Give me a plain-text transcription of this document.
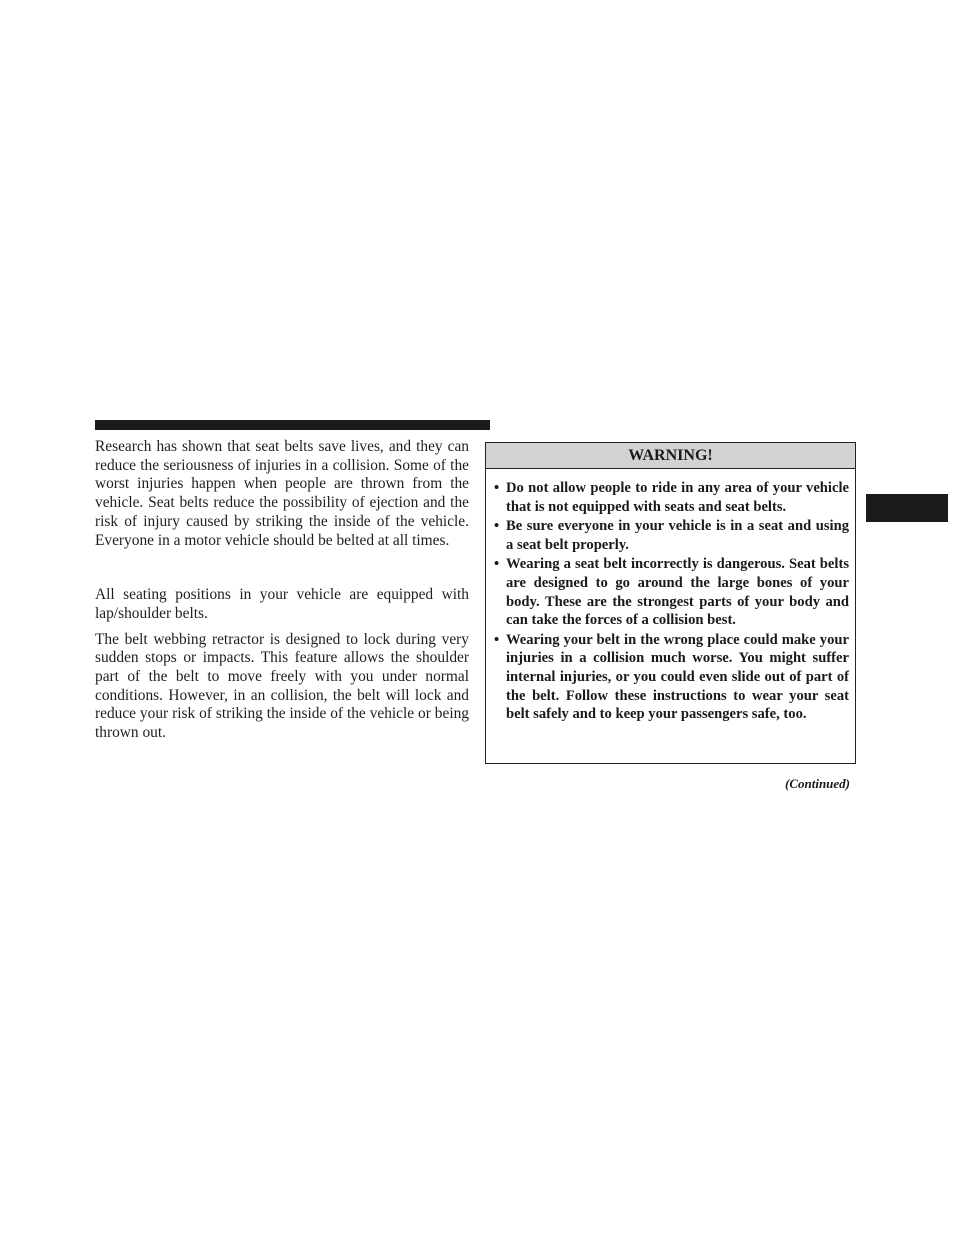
Research has shown that seat belts save lives, and they can reduce the seriousness of injuries in a collision. Some of the worst injuries happen when people are thrown from the vehicle. Seat belts reduce the possibility of ejection and the risk of injury caused by striking the inside of the vehicle. Everyone in a motor vehicle should be belted at all times.

All seating positions in your vehicle are equipped with lap/shoulder belts.

The belt webbing retractor is designed to lock during very sudden stops or impacts. This feature allows the shoulder part of the belt to move freely with you under normal conditions. However, in an collision, the belt will lock and reduce your risk of striking the inside of the vehicle or being thrown out.

WARNING!
• Do not allow people to ride in any area of your vehicle that is not equipped with seats and seat belts.
• Be sure everyone in your vehicle is in a seat and using a seat belt properly.
• Wearing a seat belt incorrectly is dangerous. Seat belts are designed to go around the large bones of your body. These are the strongest parts of your body and can take the forces of a collision best.
• Wearing your belt in the wrong place could make your injuries in a collision much worse. You might suffer internal injuries, or you could even slide out of part of the belt. Follow these instructions to wear your seat belt safely and to keep your passengers safe, too.
(Continued)
